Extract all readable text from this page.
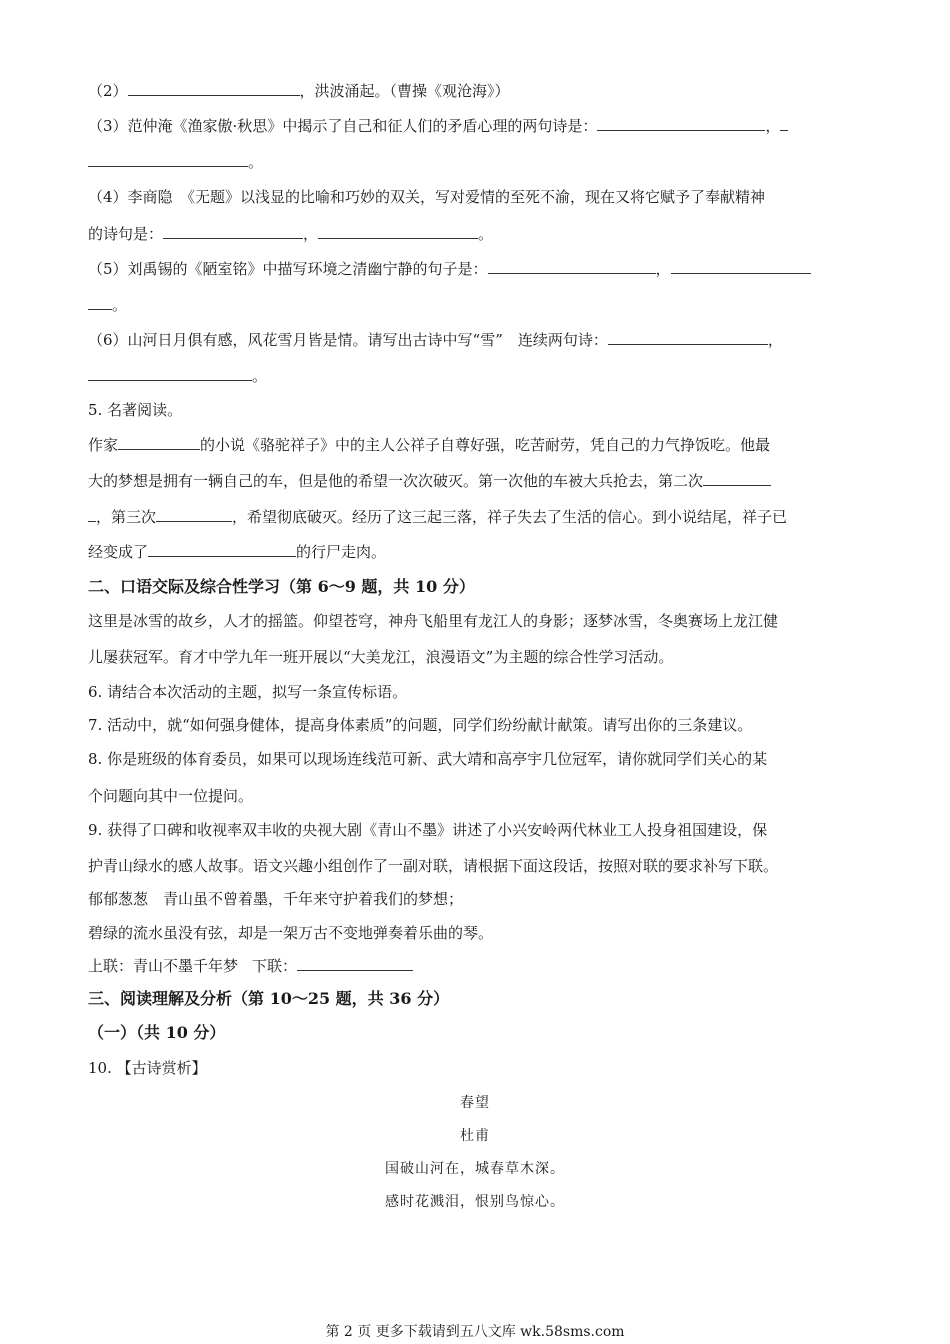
（2）	，洪波涌起。（曹操《观沧海》）
（3）范仲淹《渔家傲·秋思》中揭示了自己和征人们的矛盾心理的两句诗是：	，
。
（4）李商隐　《无题》以浅显的比喻和巧妙的双关，写对爱情的至死不渝，现在又将它赋予了奉献精神
的诗句是：	，	。
（5）刘禹锡的《陋室铭》中描写环境之清幽宁静的句子是：	，
。
（6）山河日月俱有感，风花雪月皆是情。请写出古诗中写“雪”　连续两句诗：	，
。
5. 名著阅读。
作家	的小说《骆驼祥子》中的主人公祥子自尊好强，吃苦耐劳，凭自己的力气挣饭吃。他最
大的梦想是拥有一辆自己的车，但是他的希望一次次破灭。第一次他的车被大兵抢去，第二次
，第三次	，希望彻底破灭。经历了这三起三落，祥子失去了生活的信心。到小说结尾，祥子已
经变成了	的行尸走肉。
二、口语交际及综合性学习（第 6～9 题，共 10 分）
这里是冰雪的故乡，人才的摇篮。仰望苍穹，神舟飞船里有龙江人的身影；逐梦冰雪，冬奥赛场上龙江健
儿屡获冠军。育才中学九年一班开展以“大美龙江，浪漫语文”为主题的综合性学习活动。
6. 请结合本次活动的主题，拟写一条宣传标语。
7. 活动中，就“如何强身健体，提高身体素质”的问题，同学们纷纷献计献策。请写出你的三条建议。
8. 你是班级的体育委员，如果可以现场连线范可新、武大靖和高亭宇几位冠军，请你就同学们关心的某
个问题向其中一位提问。
9. 获得了口碑和收视率双丰收的央视大剧《青山不墨》讲述了小兴安岭两代林业工人投身祖国建设，保
护青山绿水的感人故事。语文兴趣小组创作了一副对联，请根据下面这段话，按照对联的要求补写下联。
郁郁葱葱　青山虽不曾着墨，千年来守护着我们的梦想；
碧绿的流水虽没有弦，却是一架万古不变地弹奏着乐曲的琴。
上联：青山不墨千年梦 下联：
三、阅读理解及分析（第 10～25 题，共 36 分）
（一）（共 10 分）
10. 【古诗赏析】
春望
杜甫
国破山河在，城春草木深。
感时花溅泪，恨别鸟惊心。
第 2 页 更多下载请到五八文库 wk.58sms.com
